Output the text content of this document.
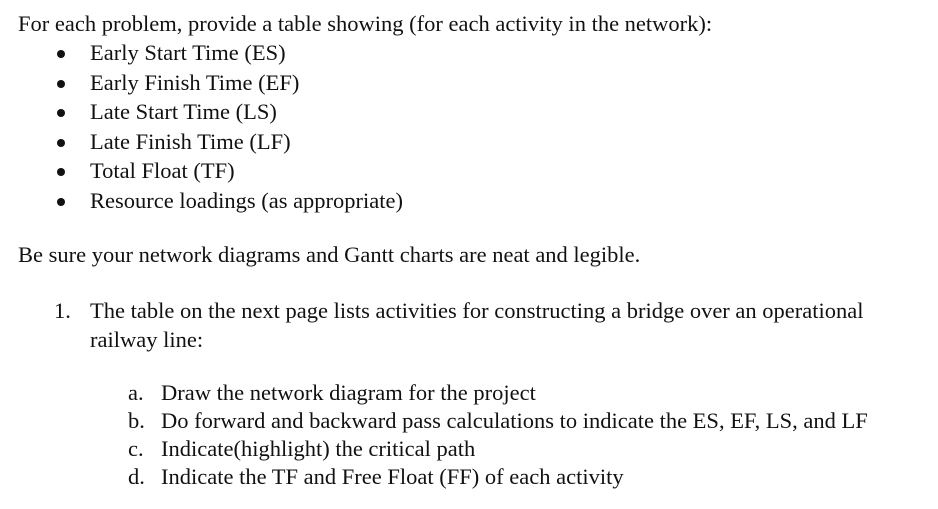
For each problem, provide a table showing (for each activity in the network):
Early Start Time (ES)
Early Finish Time (EF)
Late Start Time (LS)
Late Finish Time (LF)
Total Float (TF)
Resource loadings (as appropriate)
Be sure your network diagrams and Gantt charts are neat and legible.
1. The table on the next page lists activities for constructing a bridge over an operational railway line:
a. Draw the network diagram for the project
b. Do forward and backward pass calculations to indicate the ES, EF, LS, and LF
c. Indicate(highlight) the critical path
d. Indicate the TF and Free Float (FF) of each activity
